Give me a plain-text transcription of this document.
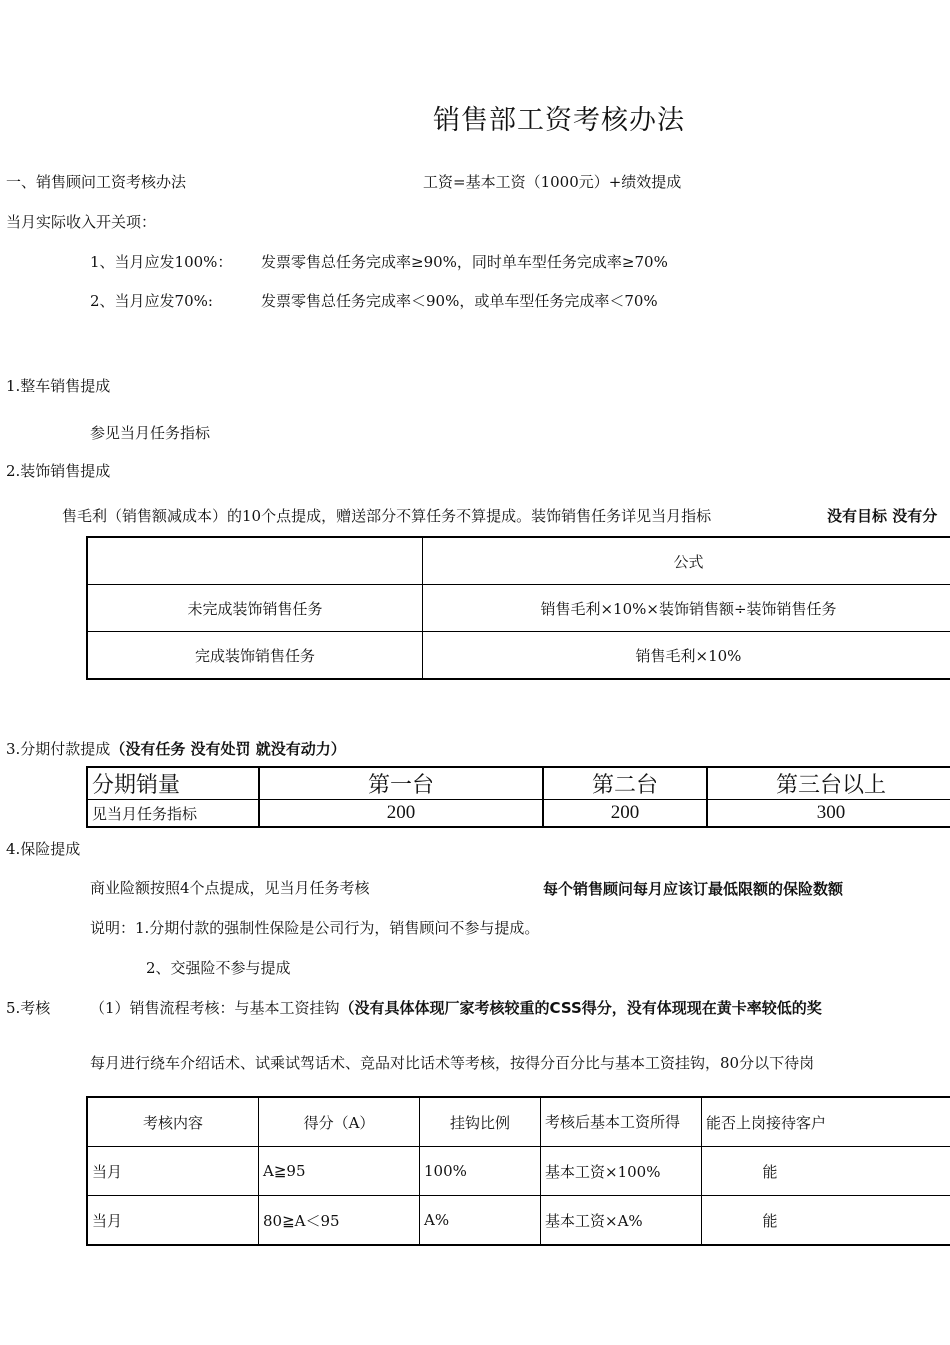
销售部工资考核办法
一、销售顾问工资考核办法	工资=基本工资（1000元）+绩效提成
当月实际收入开关项：
1、当月应发100%： 发票零售总任务完成率≥90%，同时单车型任务完成率≥70%
2、当月应发70%:	发票零售总任务完成率＜90%，或单车型任务完成率＜70%
1.整车销售提成
参见当月任务指标
2.装饰销售提成
售毛利（销售额减成本）的10个点提成，赠送部分不算任务不算提成。装饰销售任务详见当月指标	没有目标 没有分
	公式
未完成装饰销售任务	销售毛利×10%×装饰销售额÷装饰销售任务
完成装饰销售任务	销售毛利×10%
3.分期付款提成（没有任务 没有处罚 就没有动力）
分期销量	第一台	第二台	第三台以上
见当月任务指标	200	200	300
4.保险提成
商业险额按照4个点提成，见当月任务考核	每个销售顾问每月应该订最低限额的保险数额
说明：1.分期付款的强制性保险是公司行为，销售顾问不参与提成。
2、交强险不参与提成
5.考核	（1）销售流程考核：与基本工资挂钩（没有具体体现厂家考核较重的CSS得分，没有体现现在黄卡率较低的奖
每月进行绕车介绍话术、试乘试驾话术、竞品对比话术等考核，按得分百分比与基本工资挂钩，80分以下待岗
考核内容	得分（A）	挂钩比例	考核后基本工资所得	能否上岗接待客户
当月	A≧95	100%	基本工资×100%	能
当月	80≧A＜95	A%	基本工资×A%	能
